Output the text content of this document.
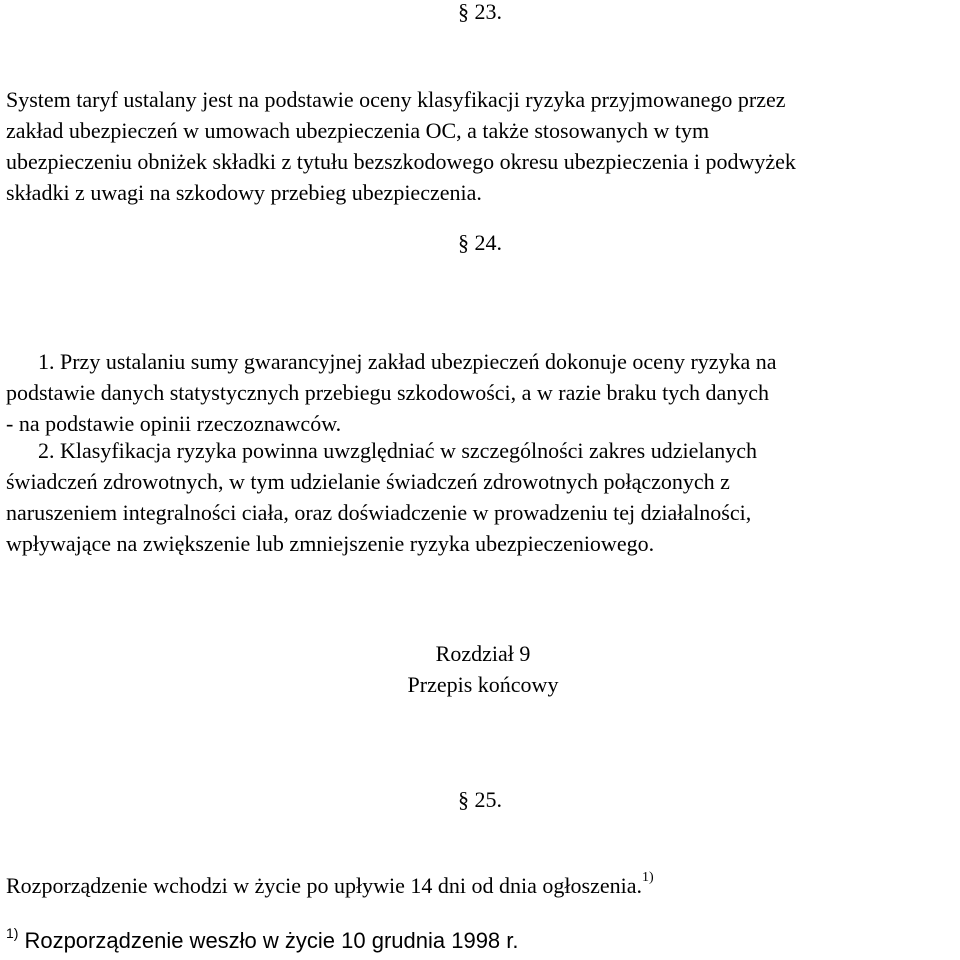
§ 23.

System taryf ustalany jest na podstawie oceny klasyfikacji ryzyka przyjmowanego przez
zakład ubezpieczeń w umowach ubezpieczenia OC, a także stosowanych w tym
ubezpieczeniu obniżek składki z tytułu bezszkodowego okresu ubezpieczenia i podwyżek
składki z uwagi na szkodowy przebieg ubezpieczenia.

§ 24.

1. Przy ustalaniu sumy gwarancyjnej zakład ubezpieczeń dokonuje oceny ryzyka na
podstawie danych statystycznych przebiegu szkodowości, a w razie braku tych danych
- na podstawie opinii rzeczoznawców.
2. Klasyfikacja ryzyka powinna uwzględniać w szczególności zakres udzielanych
świadczeń zdrowotnych, w tym udzielanie świadczeń zdrowotnych połączonych z
naruszeniem integralności ciała, oraz doświadczenie w prowadzeniu tej działalności,
wpływające na zwiększenie lub zmniejszenie ryzyka ubezpieczeniowego.
Rozdział 9
Przepis końcowy

§ 25.

Rozporządzenie wchodzi w życie po upływie 14 dni od dnia ogłoszenia.$^{1)}$
$^{1)}$ Rozporządzenie weszło w życie 10 grudnia 1998 r.
